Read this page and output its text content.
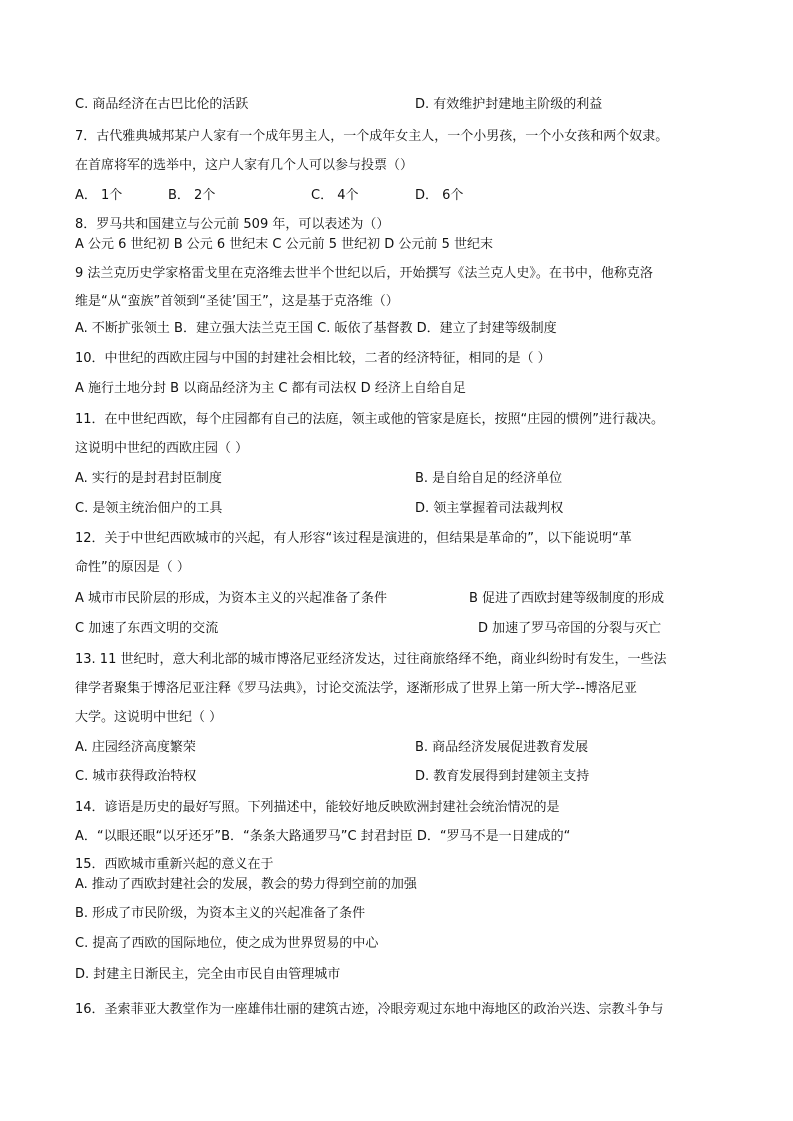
C. 商品经济在古巴比伦的活跃	D. 有效维护封建地主阶级的利益
7．古代雅典城邦某户人家有一个成年男主人，一个成年女主人，一个小男孩，一个小女孩和两个奴隶。
在首席将军的选举中，这户人家有几个人可以参与投票（）
A． 1个	B． 2个	C． 4个	D． 6个
8．罗马共和国建立与公元前 509 年，可以表述为（）
A 公元 6 世纪初 B 公元 6 世纪末 C 公元前 5 世纪初 D 公元前 5 世纪末
9 法兰克历史学家格雷戈里在克洛维去世半个世纪以后，开始撰写《法兰克人史》。在书中，他称克洛
维是“从“蛮族”首领到“圣徒’国王”，这是基于克洛维（）
A. 不断扩张领土 B．建立强大法兰克王国 C. 皈依了基督教 D．建立了封建等级制度
10．中世纪的西欧庄园与中国的封建社会相比较，二者的经济特征，相同的是（ ）
A 施行土地分封 B 以商品经济为主 C 都有司法权 D 经济上自给自足
11．在中世纪西欧，每个庄园都有自己的法庭，领主或他的管家是庭长，按照“庄园的惯例”进行裁决。
这说明中世纪的西欧庄园（ ）
A. 实行的是封君封臣制度	B. 是自给自足的经济单位
C. 是领主统治佃户的工具	D. 领主掌握着司法裁判权
12．关于中世纪西欧城市的兴起，有人形容“该过程是演进的，但结果是革命的”，以下能说明“革
命性”的原因是（ ）
A 城市市民阶层的形成，为资本主义的兴起准备了条件	B 促进了西欧封建等级制度的形成
C 加速了东西文明的交流	D 加速了罗马帝国的分裂与灭亡
13. 11 世纪时，意大利北部的城市博洛尼亚经济发达，过往商旅络绎不绝，商业纠纷时有发生，一些法
律学者聚集于博洛尼亚注释《罗马法典》，讨论交流法学，逐渐形成了世界上第一所大学--博洛尼亚
大学。这说明中世纪（ ）
A. 庄园经济高度繁荣	B. 商品经济发展促进教育发展
C. 城市获得政治特权	D. 教育发展得到封建领主支持
14．谚语是历史的最好写照。下列描述中，能较好地反映欧洲封建社会统治情况的是
A．“以眼还眼“以牙还牙”B．“条条大路通罗马”C 封君封臣 D．“罗马不是一日建成的“
15．西欧城市重新兴起的意义在于
A. 推动了西欧封建社会的发展，教会的势力得到空前的加强
B. 形成了市民阶级，为资本主义的兴起准备了条件
C. 提高了西欧的国际地位，使之成为世界贸易的中心
D. 封建主日渐民主，完全由市民自由管理城市
16．圣索菲亚大教堂作为一座雄伟壮丽的建筑古迹，冷眼旁观过东地中海地区的政治兴迭、宗教斗争与
